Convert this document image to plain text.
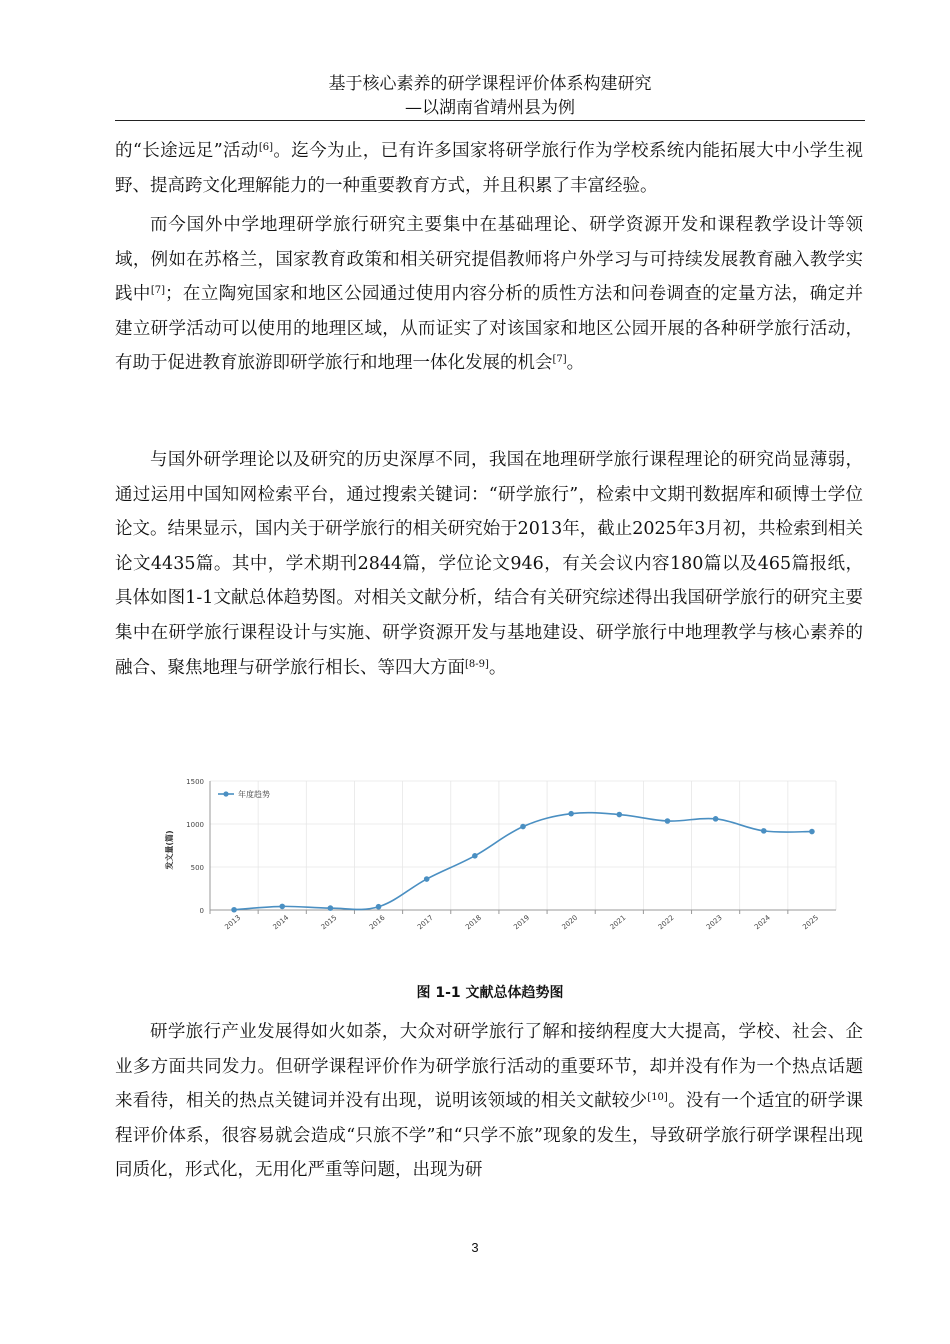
基于核心素养的研学课程评价体系构建研究
—以湖南省靖州县为例

的“长途远足”活动[6]。迄今为止，已有许多国家将研学旅行作为学校系统内能拓展大中小学生视野、提高跨文化理解能力的一种重要教育方式，并且积累了丰富经验。

而今国外中学地理研学旅行研究主要集中在基础理论、研学资源开发和课程教学设计等领域，例如在苏格兰，国家教育政策和相关研究提倡教师将户外学习与可持续发展教育融入教学实践中[7]；在立陶宛国家和地区公园通过使用内容分析的质性方法和问卷调查的定量方法，确定并建立研学活动可以使用的地理区域，从而证实了对该国家和地区公园开展的各种研学旅行活动，有助于促进教育旅游即研学旅行和地理一体化发展的机会[7]。

与国外研学理论以及研究的历史深厚不同，我国在地理研学旅行课程理论的研究尚显薄弱，通过运用中国知网检索平台，通过搜索关键词：“研学旅行”，检索中文期刊数据库和硕博士学位论文。结果显示，国内关于研学旅行的相关研究始于2013年，截止2025年3月初，共检索到相关论文4435篇。其中，学术期刊2844篇，学位论文946，有关会议内容180篇以及465篇报纸，具体如图1-1文献总体趋势图。对相关文献分析，结合有关研究综述得出我国研学旅行的研究主要集中在研学旅行课程设计与实施、研学资源开发与基地建设、研学旅行中地理教学与核心素养的融合、聚焦地理与研学旅行相长、等四大方面[8-9]。

0
500
1000
1500
2013	2014	2015	2016	2017	2018	2019	2020	2021	2022	2023	2024	2025
发文量(篇)
年度趋势
图 1-1 文献总体趋势图

研学旅行产业发展得如火如荼，大众对研学旅行了解和接纳程度大大提高，学校、社会、企业多方面共同发力。但研学课程评价作为研学旅行活动的重要环节，却并没有作为一个热点话题来看待，相关的热点关键词并没有出现，说明该领域的相关文献较少[10]。没有一个适宜的研学课程评价体系，很容易就会造成“只旅不学”和“只学不旅”现象的发生，导致研学旅行研学课程出现同质化，形式化，无用化严重等问题，出现为研

3
